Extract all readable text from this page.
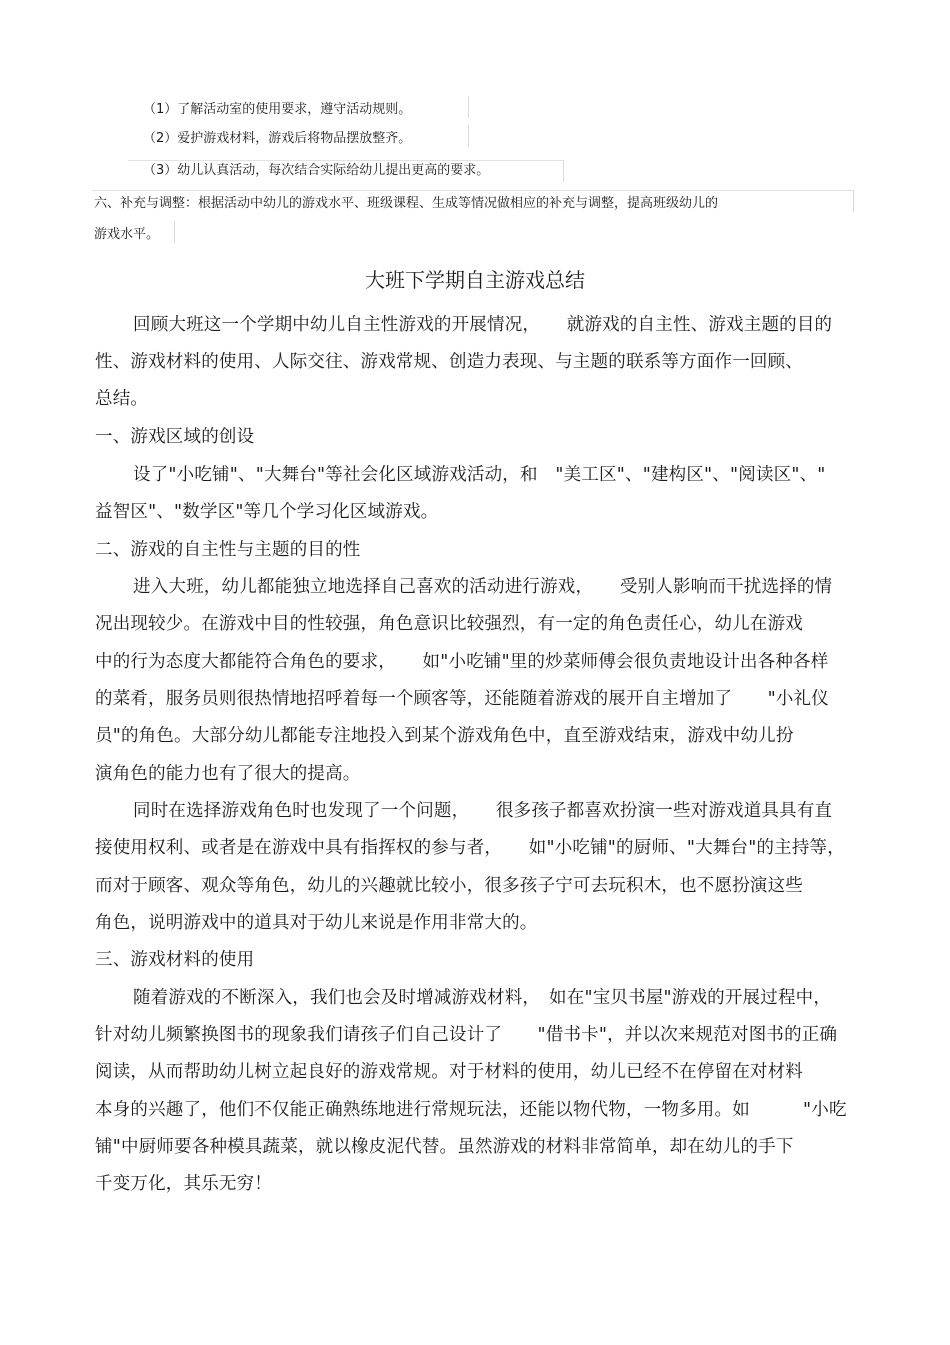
（1）了解活动室的使用要求，遵守活动规则。
（2）爱护游戏材料，游戏后将物品摆放整齐。
（3）幼儿认真活动，每次结合实际给幼儿提出更高的要求。
六、补充与调整：根据活动中幼儿的游戏水平、班级课程、生成等情况做相应的补充与调整，提高班级幼儿的
游戏水平。
大班下学期自主游戏总结
回顾大班这一个学期中幼儿自主性游戏的开展情况，　　就游戏的自主性、游戏主题的目的
性、游戏材料的使用、人际交往、游戏常规、创造力表现、与主题的联系等方面作一回顾、
总结。
一、游戏区域的创设
设了"小吃铺"、"大舞台"等社会化区域游戏活动，和　"美工区"、"建构区"、"阅读区"、"
益智区"、"数学区"等几个学习化区域游戏。
二、游戏的自主性与主题的目的性
进入大班，幼儿都能独立地选择自己喜欢的活动进行游戏，　　受别人影响而干扰选择的情
况出现较少。在游戏中目的性较强，角色意识比较强烈，有一定的角色责任心，幼儿在游戏
中的行为态度大都能符合角色的要求，　　如"小吃铺"里的炒菜师傅会很负责地设计出各种各样
的菜肴，服务员则很热情地招呼着每一个顾客等，还能随着游戏的展开自主增加了　　"小礼仪
员"的角色。大部分幼儿都能专注地投入到某个游戏角色中，直至游戏结束，游戏中幼儿扮
演角色的能力也有了很大的提高。
同时在选择游戏角色时也发现了一个问题，　　很多孩子都喜欢扮演一些对游戏道具具有直
接使用权利、或者是在游戏中具有指挥权的参与者，　　如"小吃铺"的厨师、"大舞台"的主持等，
而对于顾客、观众等角色，幼儿的兴趣就比较小，很多孩子宁可去玩积木，也不愿扮演这些
角色，说明游戏中的道具对于幼儿来说是作用非常大的。
三、游戏材料的使用
随着游戏的不断深入，我们也会及时增减游戏材料，　如在"宝贝书屋"游戏的开展过程中，
针对幼儿频繁换图书的现象我们请孩子们自己设计了　　"借书卡"，并以次来规范对图书的正确
阅读，从而帮助幼儿树立起良好的游戏常规。对于材料的使用，幼儿已经不在停留在对材料
本身的兴趣了，他们不仅能正确熟练地进行常规玩法，还能以物代物，一物多用。如　　　"小吃
铺"中厨师要各种模具蔬菜，就以橡皮泥代替。虽然游戏的材料非常简单，却在幼儿的手下
千变万化，其乐无穷！
